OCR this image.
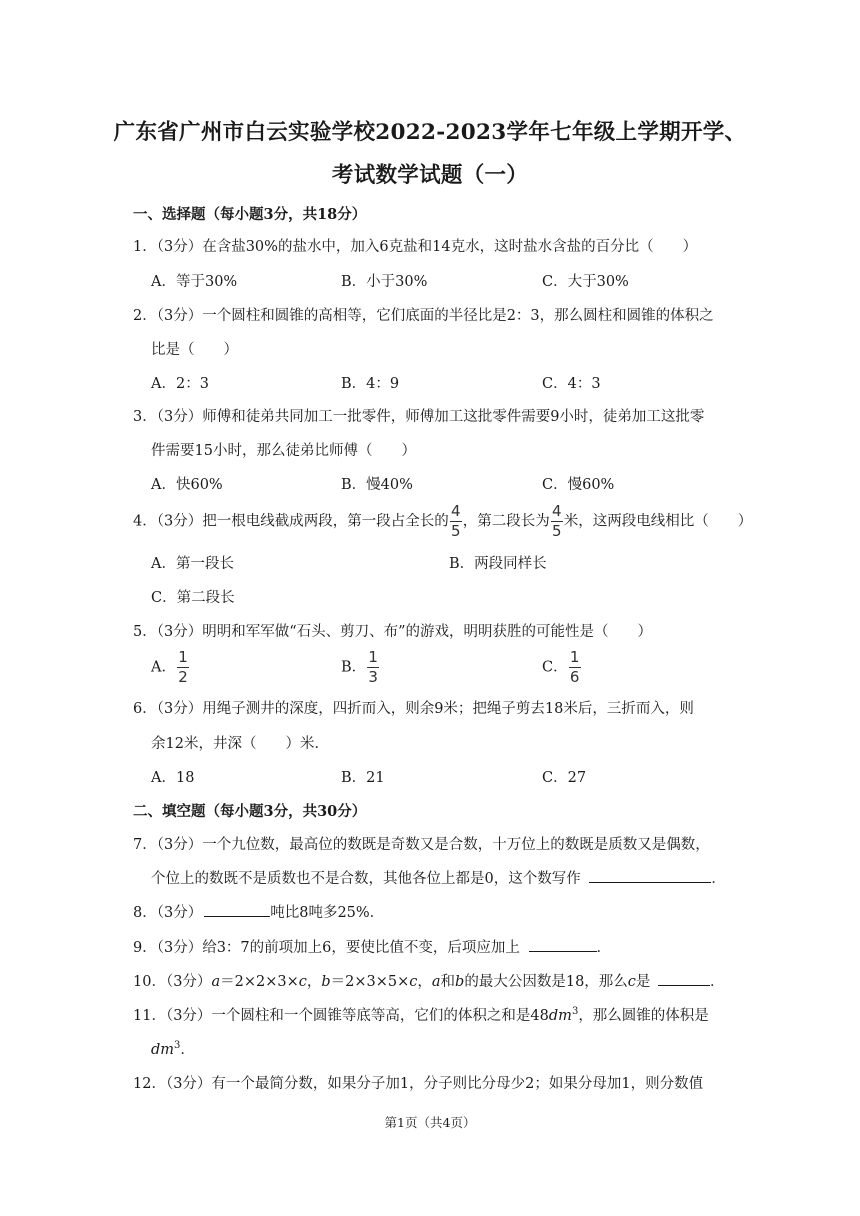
广东省广州市白云实验学校2022-2023学年七年级上学期开学、
考试数学试题（一）
一、选择题（每小题3分，共18分）
1．（3分）在含盐30%的盐水中，加入6克盐和14克水，这时盐水含盐的百分比（　　）
A．等于30%	B．小于30%	C．大于30%
2．（3分）一个圆柱和圆锥的高相等，它们底面的半径比是2：3，那么圆柱和圆锥的体积之
比是（　　）
A．2：3	B．4：9	C．4：3
3．（3分）师傅和徒弟共同加工一批零件，师傅加工这批零件需要9小时，徒弟加工这批零
件需要15小时，那么徒弟比师傅（　　）
A．快60%	B．慢40%	C．慢60%
4．（3分）把一根电线截成两段，第一段占全长的 $\frac{4}{5}$ ，第二段长为 $\frac{4}{5}$ 米，这两段电线相比（　　）
A．第一段长	B．两段同样长
C．第二段长
5．（3分）明明和军军做“石头、剪刀、布”的游戏，明明获胜的可能性是（　　）
A． $\frac{1}{2}$	B． $\frac{1}{3}$	C． $\frac{1}{6}$
6．（3分）用绳子测井的深度，四折而入，则余9米；把绳子剪去18米后，三折而入，则
余12米，井深（　　）米．
A．18	B．21	C．27
二、填空题（每小题3分，共30分）
7．（3分）一个九位数，最高位的数既是奇数又是合数，十万位上的数既是质数又是偶数，
个位上的数既不是质数也不是合数，其他各位上都是0，这个数写作	．
8．（3分）	吨比8吨多25%．
9．（3分）给3：7的前项加上6，要使比值不变，后项应加上	．
10．（3分）a＝2×2×3×c，b＝2×3×5×c，a和b的最大公因数是18，那么c是	．
11．（3分）一个圆柱和一个圆锥等底等高，它们的体积之和是$48dm^3$，那么圆锥的体积是
$dm^3$．
12．（3分）有一个最简分数，如果分子加1，分子则比分母少2；如果分母加1，则分数值
第1页（共4页）
